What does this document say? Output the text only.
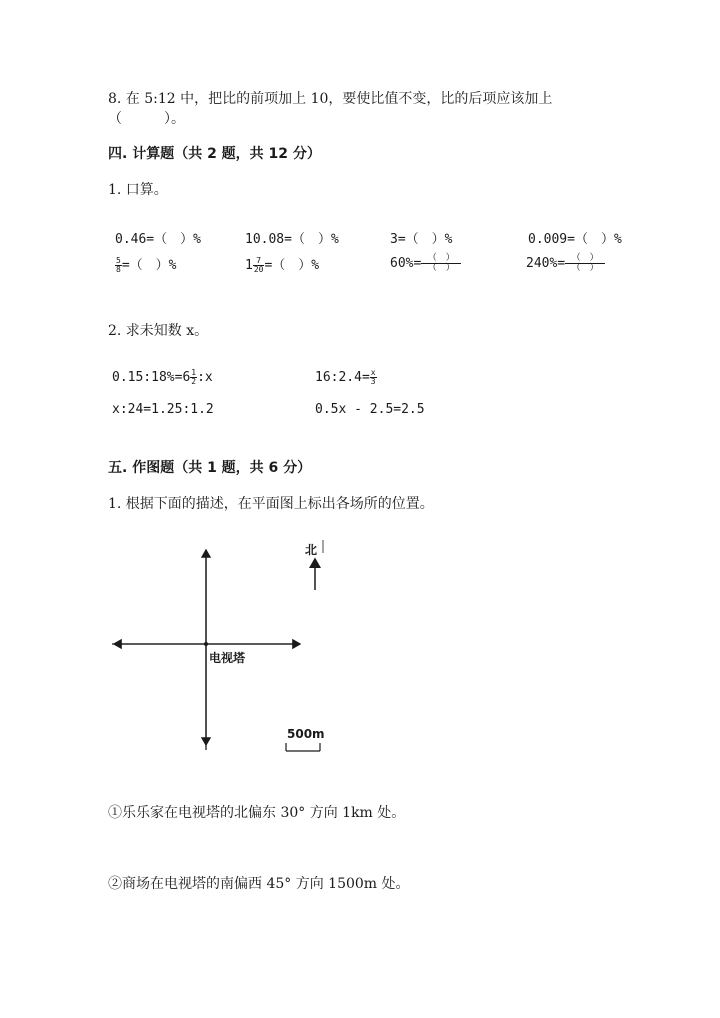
8. 在 5:12 中，把比的前项加上 10，要使比值不变，比的后项应该加上
（　　　）。
四. 计算题（共 2 题，共 12 分）
1. 口算。
0.46=（　）%	10.08=（　）%	3=（　）%	0.009=（　）%
$\frac{5}{8}$ =（　）%	$1 \frac{7}{20}$ =（　）%	$60\%= \frac{( )}{( )}$	$240\%= \frac{( )}{( )}$
2. 求未知数 x。
0.15:18%=6 $\frac{1}{2}$ :x	16:2.4= $\frac{x}{3}$
x:24=1.25:1.2	0.5x - 2.5=2.5
五. 作图题（共 1 题，共 6 分）
1. 根据下面的描述，在平面图上标出各场所的位置。
北
电视塔
500m
①乐乐家在电视塔的北偏东 30° 方向 1km 处。
②商场在电视塔的南偏西 45° 方向 1500m 处。
